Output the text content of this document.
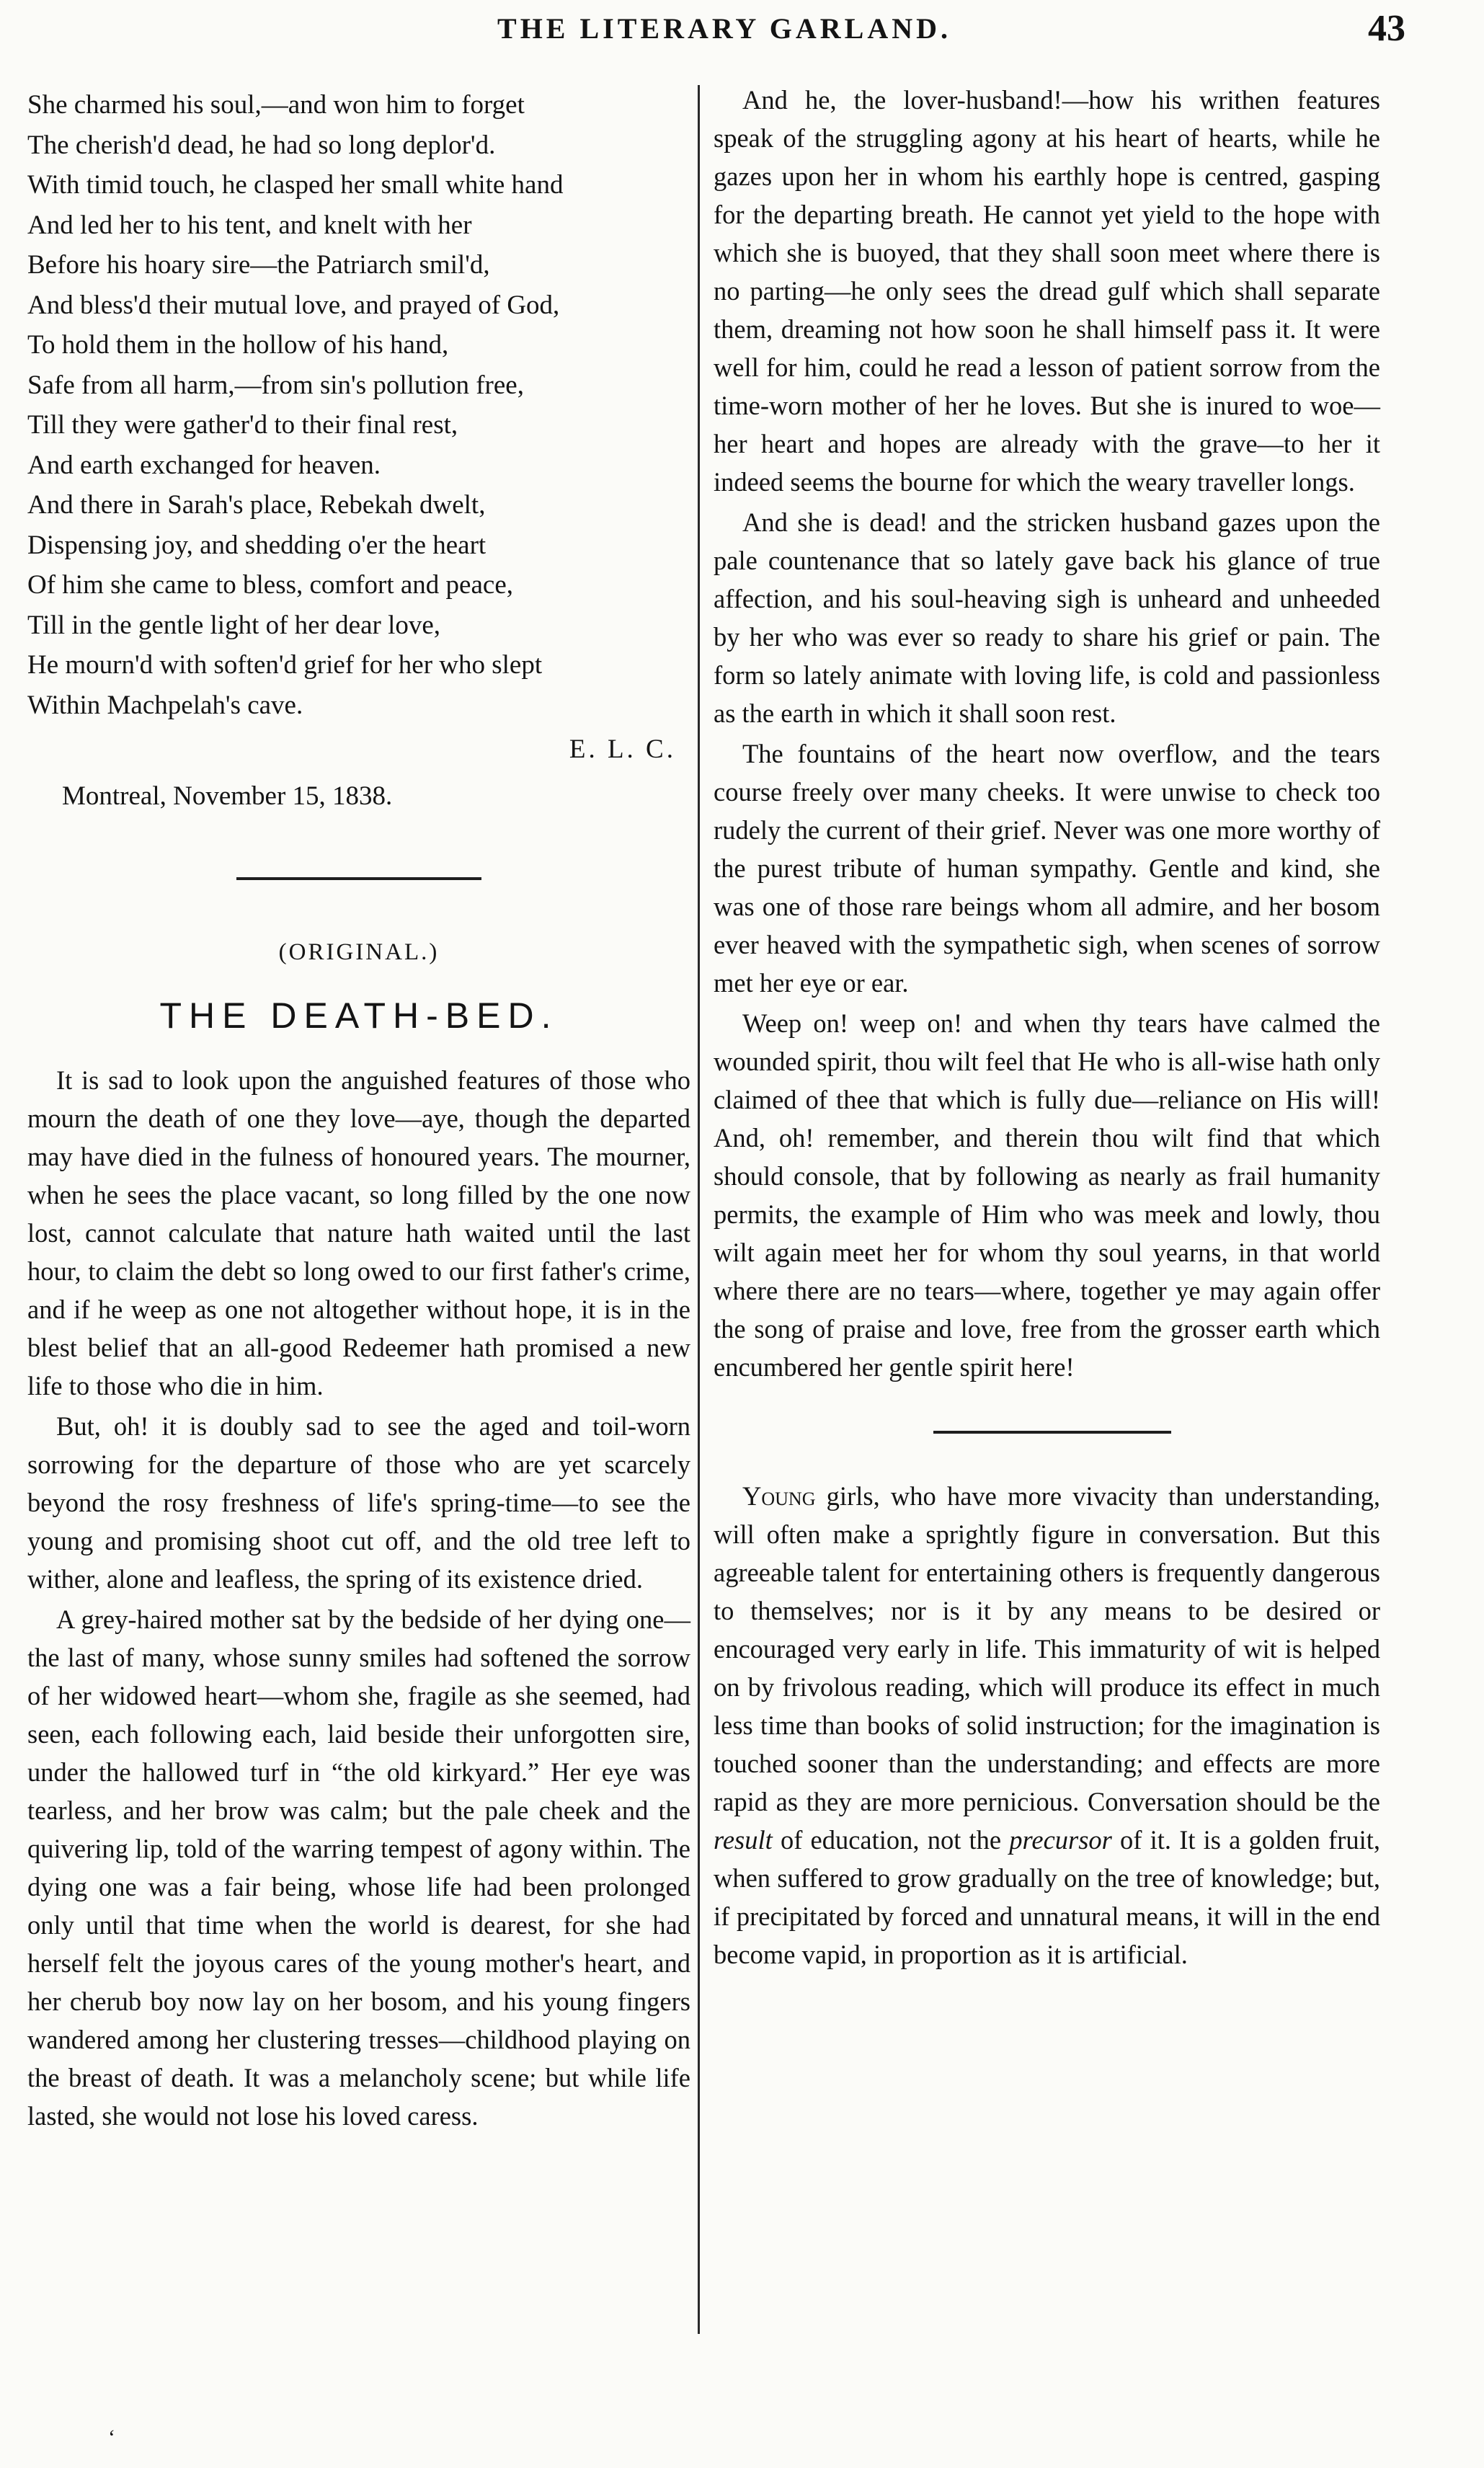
THE LITERARY GARLAND.	43
She charmed his soul,—and won him to forget
The cherish'd dead, he had so long deplor'd.
With timid touch, he clasped her small white hand
And led her to his tent, and knelt with her
Before his hoary sire—the Patriarch smil'd,
And bless'd their mutual love, and prayed of God,
To hold them in the hollow of his hand,
Safe from all harm,—from sin's pollution free,
Till they were gather'd to their final rest,
And earth exchanged for heaven.
And there in Sarah's place, Rebekah dwelt,
Dispensing joy, and shedding o'er the heart
Of him she came to bless, comfort and peace,
Till in the gentle light of her dear love,
He mourn'd with soften'd grief for her who slept
Within Machpelah's cave.
E. L. C.
Montreal, November 15, 1838.
(ORIGINAL.)
THE DEATH-BED.

It is sad to look upon the anguished features of those who mourn the death of one they love—aye, though the departed may have died in the fulness of honoured years. The mourner, when he sees the place vacant, so long filled by the one now lost, cannot calculate that nature hath waited until the last hour, to claim the debt so long owed to our first father's crime, and if he weep as one not altogether without hope, it is in the blest belief that an all-good Redeemer hath promised a new life to those who die in him.

But, oh! it is doubly sad to see the aged and toil-worn sorrowing for the departure of those who are yet scarcely beyond the rosy freshness of life's spring-time—to see the young and promising shoot cut off, and the old tree left to wither, alone and leafless, the spring of its existence dried.

A grey-haired mother sat by the bedside of her dying one—the last of many, whose sunny smiles had softened the sorrow of her widowed heart—whom she, fragile as she seemed, had seen, each following each, laid beside their unforgotten sire, under the hallowed turf in “the old kirkyard.” Her eye was tearless, and her brow was calm; but the pale cheek and the quivering lip, told of the warring tempest of agony within. The dying one was a fair being, whose life had been prolonged only until that time when the world is dearest, for she had herself felt the joyous cares of the young mother's heart, and her cherub boy now lay on her bosom, and his young fingers wandered among her clustering tresses—childhood playing on the breast of death. It was a melancholy scene; but while life lasted, she would not lose his loved caress.

And he, the lover-husband!—how his writhen features speak of the struggling agony at his heart of hearts, while he gazes upon her in whom his earthly hope is centred, gasping for the departing breath. He cannot yet yield to the hope with which she is buoyed, that they shall soon meet where there is no parting—he only sees the dread gulf which shall separate them, dreaming not how soon he shall himself pass it. It were well for him, could he read a lesson of patient sorrow from the time-worn mother of her he loves. But she is inured to woe—her heart and hopes are already with the grave—to her it indeed seems the bourne for which the weary traveller longs.

And she is dead! and the stricken husband gazes upon the pale countenance that so lately gave back his glance of true affection, and his soul-heaving sigh is unheard and unheeded by her who was ever so ready to share his grief or pain. The form so lately animate with loving life, is cold and passionless as the earth in which it shall soon rest.

The fountains of the heart now overflow, and the tears course freely over many cheeks. It were unwise to check too rudely the current of their grief. Never was one more worthy of the purest tribute of human sympathy. Gentle and kind, she was one of those rare beings whom all admire, and her bosom ever heaved with the sympathetic sigh, when scenes of sorrow met her eye or ear.

Weep on! weep on! and when thy tears have calmed the wounded spirit, thou wilt feel that He who is all-wise hath only claimed of thee that which is fully due—reliance on His will! And, oh! remember, and therein thou wilt find that which should console, that by following as nearly as frail humanity permits, the example of Him who was meek and lowly, thou wilt again meet her for whom thy soul yearns, in that world where there are no tears—where, together ye may again offer the song of praise and love, free from the grosser earth which encumbered her gentle spirit here!

Young girls, who have more vivacity than understanding, will often make a sprightly figure in conversation. But this agreeable talent for entertaining others is frequently dangerous to themselves; nor is it by any means to be desired or encouraged very early in life. This immaturity of wit is helped on by frivolous reading, which will produce its effect in much less time than books of solid instruction; for the imagination is touched sooner than the understanding; and effects are more rapid as they are more pernicious. Conversation should be the result of education, not the precursor of it. It is a golden fruit, when suffered to grow gradually on the tree of knowledge; but, if precipitated by forced and unnatural means, it will in the end become vapid, in proportion as it is artificial.

ʻ
